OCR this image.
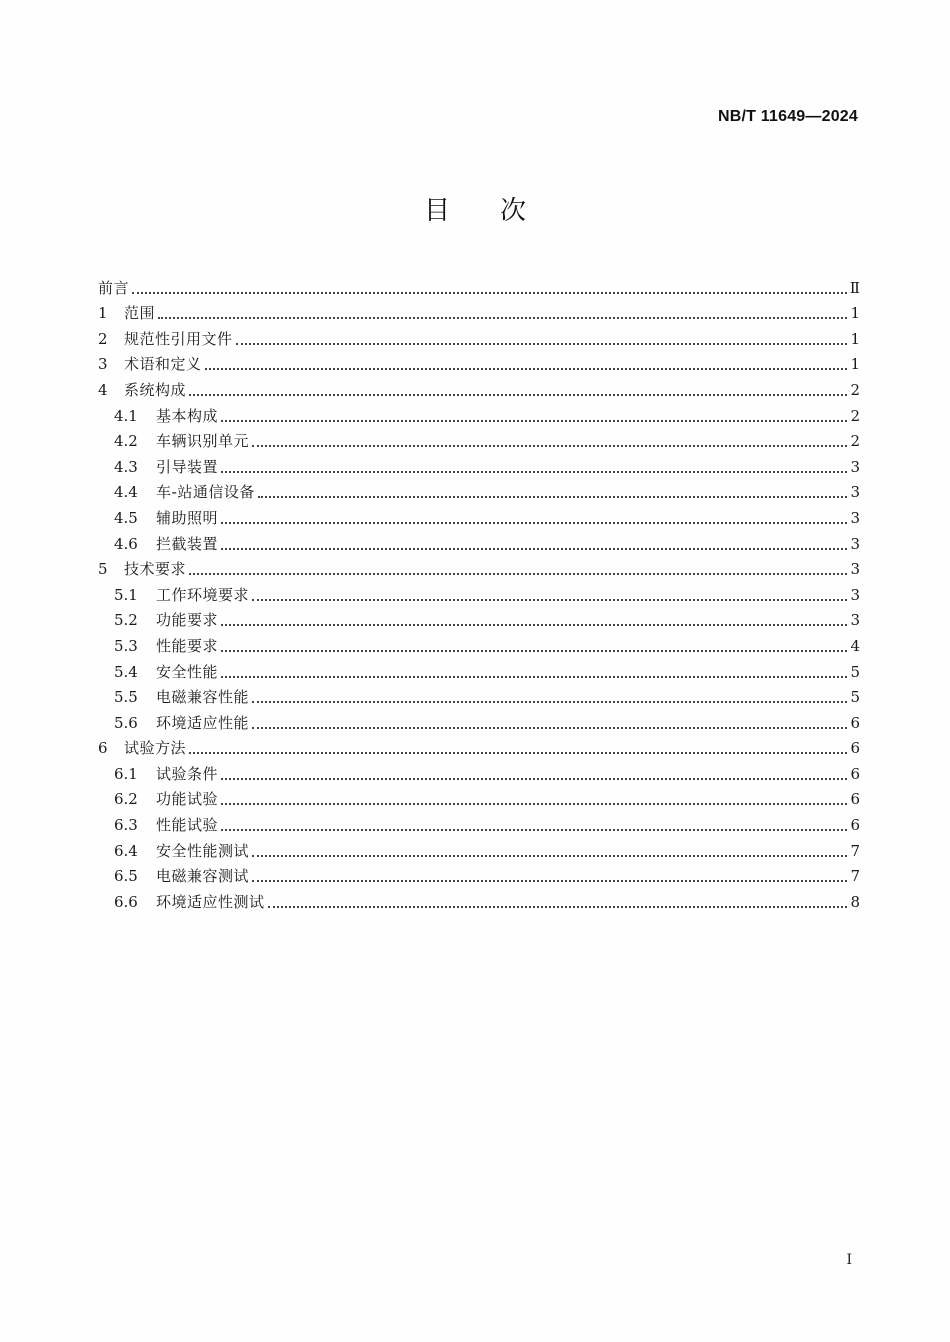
NB/T 11649—2024
目 次
前言	Ⅱ
1	范围	1
2	规范性引用文件	1
3	术语和定义	1
4	系统构成	2
4.1	基本构成	2
4.2	车辆识别单元	2
4.3	引导装置	3
4.4	车-站通信设备	3
4.5	辅助照明	3
4.6	拦截装置	3
5	技术要求	3
5.1	工作环境要求	3
5.2	功能要求	3
5.3	性能要求	4
5.4	安全性能	5
5.5	电磁兼容性能	5
5.6	环境适应性能	6
6	试验方法	6
6.1	试验条件	6
6.2	功能试验	6
6.3	性能试验	6
6.4	安全性能测试	7
6.5	电磁兼容测试	7
6.6	环境适应性测试	8
I
